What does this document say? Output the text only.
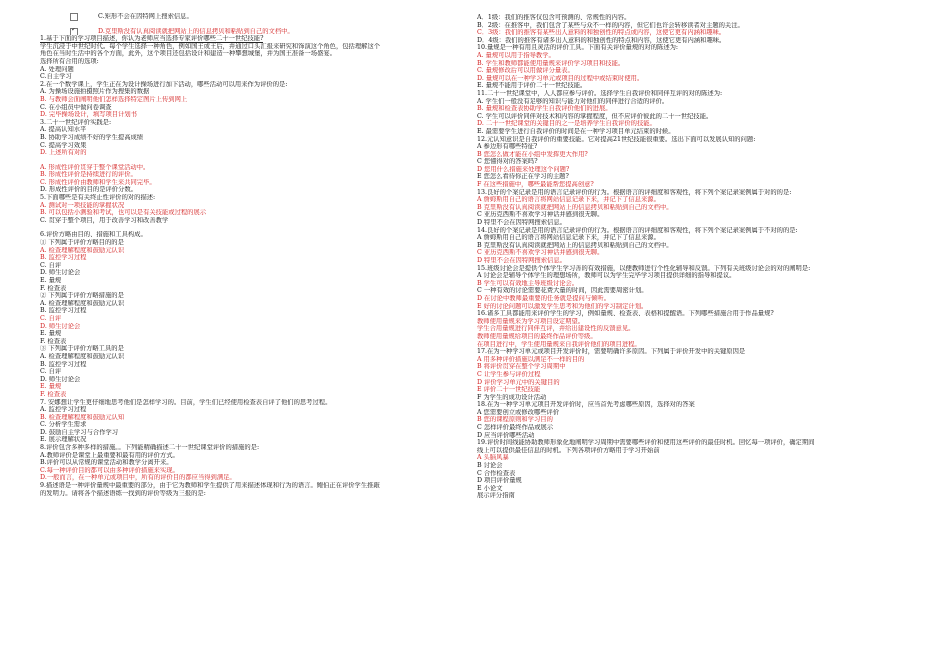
C.矩形不会在因特网上搜索信息。
✓
D.克里斯没有认真阅读就把网站上的信息拷贝和粘贴到自己的文档中。
1.基于下面的学习项目描述，你认为老师应当选择专家评价哪些二十一世纪技能?
学生沉浸于中世纪时代。每个学生选择一种角色，例如国王或王后，并通过口头汇报来研究和饰演这个角色，包括理解这个
角色在当时生活中的各个方面，此外，这个项目还包括设计和建造一种攀想城堡，并为国王准备一场盛宴。
选择所有合用的选项:
A. 处理问题
C.自主学习
2.在一个数学课上，学生正在为设计操场进行加下活动，哪些活动可以用来作为评价的是:
A. 为操场设施拍摄照片作为搜集的数据
B. 与教师会面阐明他们怎样选择特定图片上传到网上
C. 在小组员中做问卷调查
D. 完毕操场设计，填写项目计划书
3.二十一世纪评价实践是:
A. 提高认知水平
B. 协助学习成绩不好的学生提高成绩
C. 提高学习效果
D. 上述所有对的
A. 形成性评价贯穿于整个课堂活动中。
B. 形成性评价是持续进行的评价。
C. 形成性评价由教师和学生来共同完毕。
D. 形成性评价的目的是评价分数。
5.下面哪些是有关终止性评价的对的描述:
A. 测试对一项技能的掌握状况
B. 可以包括小测验和考试，也可以是有关技能或过程的展示
C. 贯穿于整个项目，用于改善学习和改善教学
6.评价方略由目的、措施和工具构成。
① 下列属于评价方略目的的是
A. 检查理解程度和鼓励元认识
B. 监控学习过程
C. 自评
D. 师生讨论会
E. 量规
F. 检查表
② 下列属于评价方略措施的是
A. 检查理解程度和鼓励元认识
B. 监控学习过程
C. 自评
D. 师生讨论会
E. 量规
F. 检查表
③ 下列属于评价方略工具的是
A. 检查理解程度和鼓励元认识
B. 监控学习过程
C. 自评
D. 师生讨论会
E. 量规
F. 检查表
7. 安娜想让学生更仔细地思考他们是怎样学习的。目前，学生们已经使用检查表自评了他们的思考过程。
A. 监控学习过程
B. 检查理解程度和鼓励元认知
C. 分析学生需求
D. 鼓励自主学习与合作学习
E. 展示理解状况
8.评价包含多种多样的措施。。下列能精确描述二十一世纪课堂评价的措施的是:
A.教师评价是课堂上最重要和最有用的评价方式。
B.评价可以从常规的课堂活动和教学分离开来。
C.每一种评价目的都可以由多种评价措施来实现。
D.一般而言，在一种单元或项目中，所有的评价目的都应当得到满足。
9.描述语是一种评价量规中最重要的部分，由于它为教师和学生提供了用来描述体现和行为的语言。鲍伯正在评价学生推敲
的发明力。请将各个描述语练一找到的评价等级为三报的是:
A．1级：我们的推客仅包含可预测的、常规性的内容。
B．2级：在推客中，我们包含了某些与众不一样的内容，但它们也许会转移读者对主题的关注。
C．3级：我们的推客有某些出人意料的和独创性的特点或内容，这使它更有内涵和趣味。
D．4级：我们的推客有诸多出人意料的和独创性的特点和内容，这使它更有内涵和趣味。
10.量规是一种有用且灵活的评价工具。下面有关评价量规的对的陈述为:
A. 量规可以用于指导教学。
B. 学生和教师都能使用量规来评价学习项目和技能。
C. 量规修改后可以用做评分量表。
D. 量规可以在一种学习单元或项目的过程中或结束时使用。
E. 量规不能用于评价二十一世纪技能。
11.二十一世纪课堂中，人人都应参与评价。选择学生自我评价和同伴互评的对的陈述为:
A. 学生们一般没有足够的知识与能力对他们的同伴进行合适的评价。
B. 量规和检查表协助学生自我评价他们的进展。
C. 学生可以评价同伴对技术和内容的掌握程度，但不应评价彼此的二十一世纪技能。
D. 二十一世纪课堂的关键目的之一是培养学生自我评价的技能。
E. 最需要学生进行自我评价的时间是在一种学习项目单元结束的时候。
12.元认知意识是自我评价的重要技能。它对提高21世纪技能很重要。选出下面可以发展认知的问题:
A 参边形有哪些特征?
B 您怎么做才能在小组中发挥更大作用?
C 您懂得对的答案吗?
D 您用什么措施来处理这个问题?
E 您怎么看待你正在学习的主题?
F 在这些措施中，哪些最能帮您提高创意?
13.良好的个案记录是用的语言记录评价的行为。根据语言的评细度和客观性，将下列个案记录案例属于对的的是:
A 詹姆斯用自己的语言将网站信息记录下来，并记下了信息来源。
B 克里斯没有认真阅读就把网站上的信息拷贝和粘贴到自己的文档中。
C 亚历克西斯不喜欢学习神话并感到很无聊。
D 特里不会在因特网搜索信息。
14.良好的个案记录是用的语言记录评价的行为。根据语言的评细度和客观性，将下列个案记录案例属于不对的的是:
A 詹姆斯用自己的语言将网站信息记录下来，并记下了信息来源。
B 克里斯没有认真阅读就把网站上的信息拷贝和粘贴到自己的文档中。
C 亚历克西斯不喜欢学习神话并感到很无聊。
D 特里不会在因特网搜索信息。
15.班级讨论会是提供个体学生学习善的有效措施，以便教师进行个性化辅导和反馈。下列有关班级讨论会的对的阐明是:
A 讨论会是辅导个体学生的理想场所，教师可以为学生完毕学习项目提供详细的指导和提议。
B 学生可以有效地主导班级讨论会。
C 一种有效的讨论需要花费大量的时间，因此需要周密计划。
D 在讨论中教师最重要的任务就是提问与倾听。
E 好的讨论问题可以激发学生思考和为他们的学习制定计划。
16.诸多工具都能用来评价学生的学习，例如量规、检查表、表格和提醒语。下列哪些措施合用于作品量规?
教师使用量规来为学习项目设定期望。
学生合用量规进行同伴互评，并给出建设性的反馈意见。
教师使用量规给项目的最终作品评价等级。
在项目进行中，学生使用量规来自我评价他们的项目进程。
17.在为一种学习单元或项目开发评价时，需要明确许多原因。下列属于评价开发中的关键原因是
A 用多种评价措施以满足不一样的目的
B 将评价贯穿在整个学习周期中
C 让学生参与评价过程
D 评价学习单元中的关键目的
E 评价二十一世纪技能
F 为学生的成功设计活动
18.在为一种学习单元项目开发评价时，应当首先考虑哪些原因，选择对的答案
A 您需要创立或修改哪些评价
B 您的课程原则和学习目的
C 怎样评价最终作品或展示
D 应当评价哪些活动
19.评价时间线能协助教师形象化地阐明学习周期中需要哪些评价和使用这些评价的最佳时机。回忆每一项评价，确定期间
线上可以提供最佳信息的时机。下列各项评价方略用于学习开始前
A 头脑风暴
B 讨论会
C 合作检查表
D 项目评价量规
E 小论文
展示评分指南
